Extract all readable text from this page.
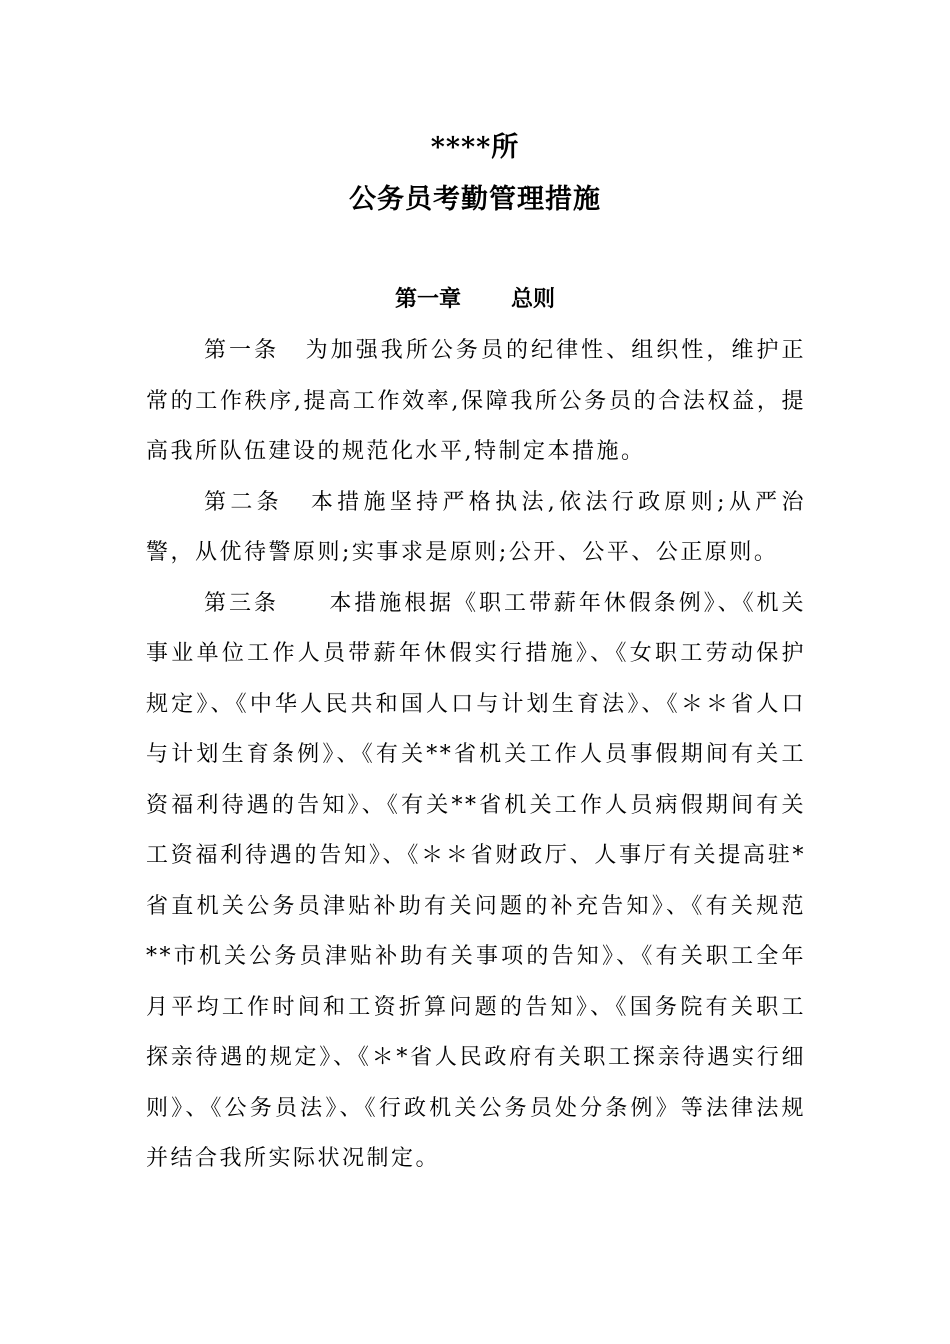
****所
公务员考勤管理措施
第一章 总则

第一条 为加强我所公务员的纪律性、组织性，维护正常的工作秩序,提高工作效率,保障我所公务员的合法权益，提高我所队伍建设的规范化水平,特制定本措施。

第二条 本措施坚持严格执法,依法行政原则;从严治警，从优待警原则;实事求是原则;公开、公平、公正原则。

第三条 本措施根据《职工带薪年休假条例》、《机关事业单位工作人员带薪年休假实行措施》、《女职工劳动保护规定》、《中华人民共和国人口与计划生育法》、《＊＊省人口与计划生育条例》、《有关**省机关工作人员事假期间有关工资福利待遇的告知》、《有关**省机关工作人员病假期间有关工资福利待遇的告知》、《＊＊省财政厅、人事厅有关提高驻*省直机关公务员津贴补助有关问题的补充告知》、《有关规范**市机关公务员津贴补助有关事项的告知》、《有关职工全年月平均工作时间和工资折算问题的告知》、《国务院有关职工探亲待遇的规定》、《＊*省人民政府有关职工探亲待遇实行细则》、《公务员法》、《行政机关公务员处分条例》等法律法规并结合我所实际状况制定。
